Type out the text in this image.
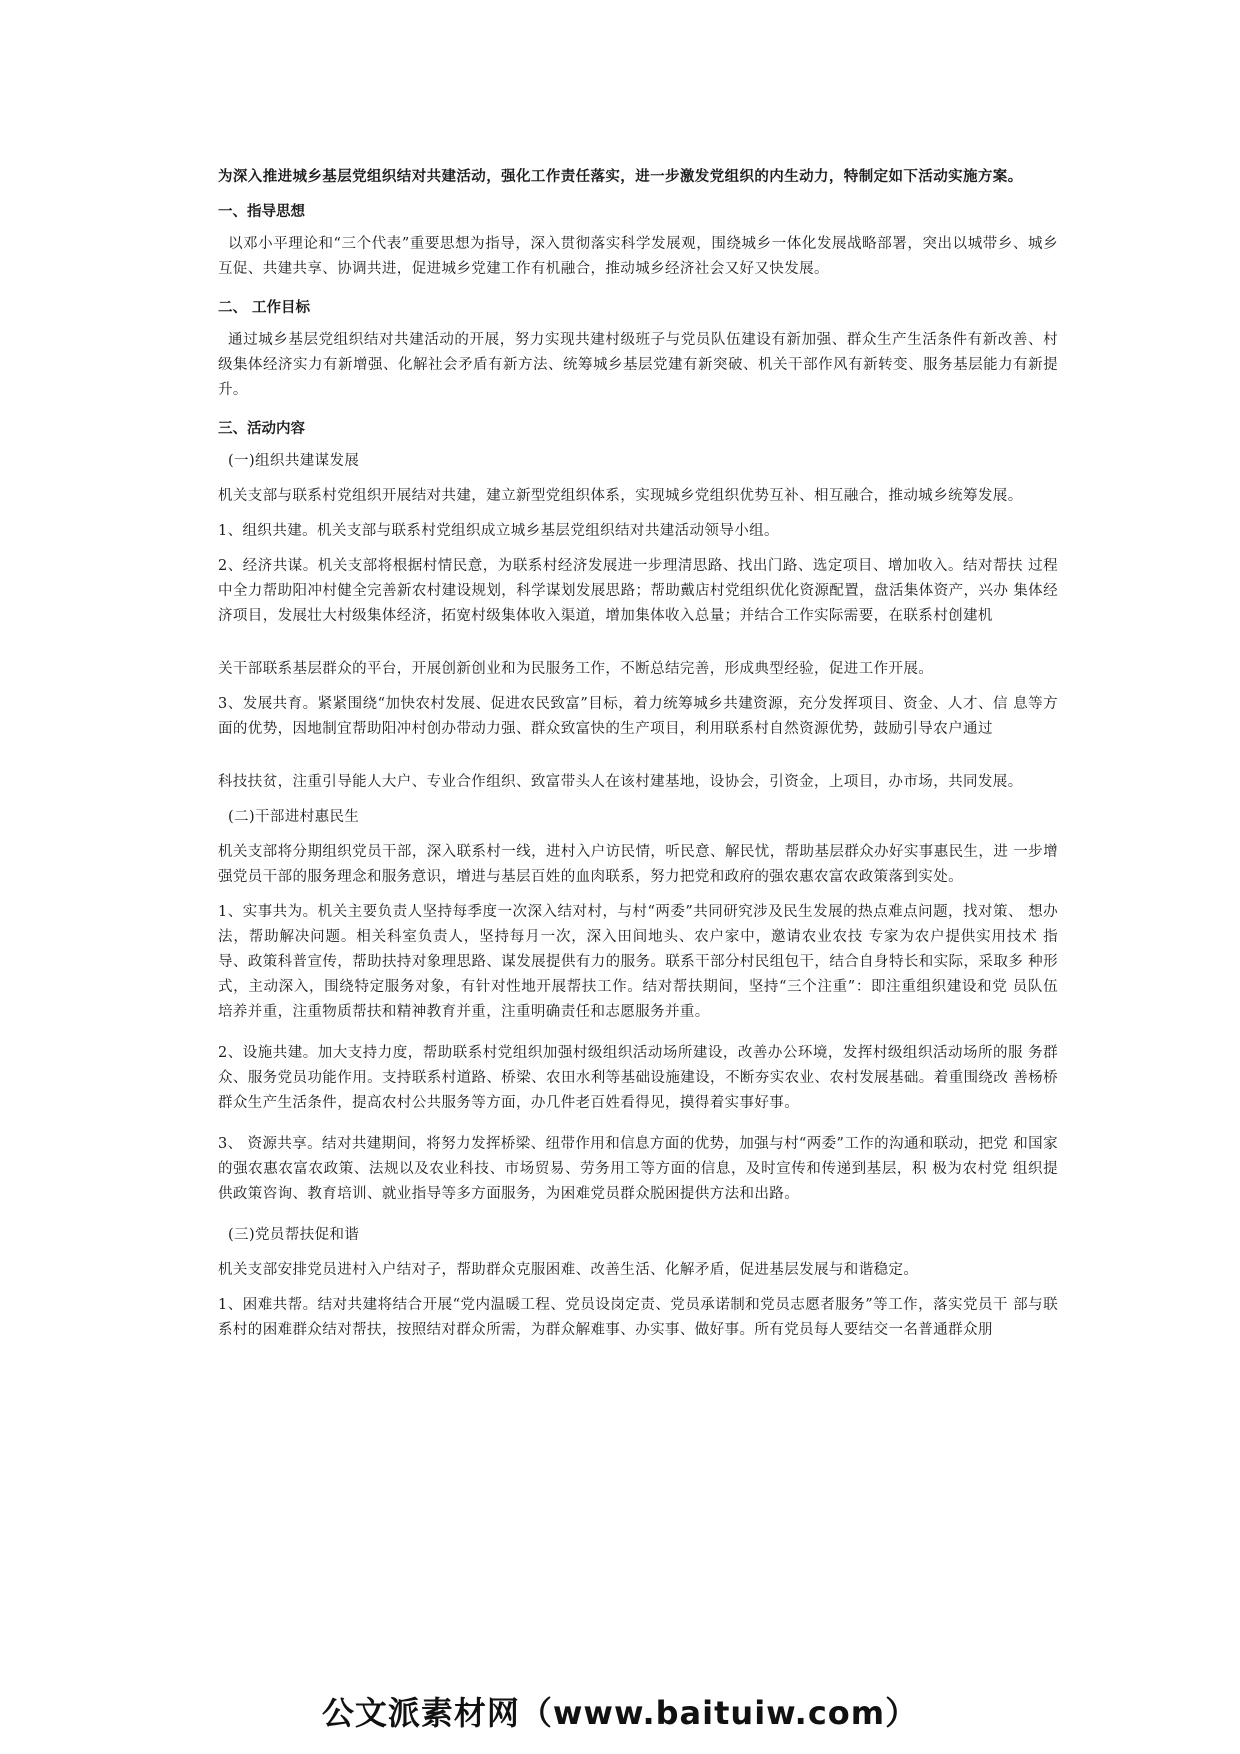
为深入推进城乡基层党组织结对共建活动，强化工作责任落实，进一步激发党组织的内生动力，特制定如下活动实施方案。

一、指导思想

以邓小平理论和“三个代表”重要思想为指导，深入贯彻落实科学发展观，围绕城乡一体化发展战略部署，突出以城带乡、城乡互促、共建共享、协调共进，促进城乡党建工作有机融合，推动城乡经济社会又好又快发展。

二、 工作目标

通过城乡基层党组织结对共建活动的开展，努力实现共建村级班子与党员队伍建设有新加强、群众生产生活条件有新改善、村级集体经济实力有新增强、化解社会矛盾有新方法、统筹城乡基层党建有新突破、机关干部作风有新转变、服务基层能力有新提升。

三、活动内容

(一)组织共建谋发展

机关支部与联系村党组织开展结对共建，建立新型党组织体系，实现城乡党组织优势互补、相互融合，推动城乡统筹发展。

1、组织共建。机关支部与联系村党组织成立城乡基层党组织结对共建活动领导小组。

2、经济共谋。机关支部将根据村情民意，为联系村经济发展进一步理清思路、找出门路、选定项目、增加收入。结对帮扶 过程中全力帮助阳冲村健全完善新农村建设规划，科学谋划发展思路；帮助戴店村党组织优化资源配置，盘活集体资产，兴办 集体经济项目，发展壮大村级集体经济，拓宽村级集体收入渠道，增加集体收入总量；并结合工作实际需要，在联系村创建机

关干部联系基层群众的平台，开展创新创业和为民服务工作，不断总结完善，形成典型经验，促进工作开展。

3、发展共育。紧紧围绕“加快农村发展、促进农民致富”目标，着力统筹城乡共建资源，充分发挥项目、资金、人才、信 息等方面的优势，因地制宜帮助阳冲村创办带动力强、群众致富快的生产项目，利用联系村自然资源优势，鼓励引导农户通过

科技扶贫，注重引导能人大户、专业合作组织、致富带头人在该村建基地，设协会，引资金，上项目，办市场，共同发展。

(二)干部进村惠民生

机关支部将分期组织党员干部，深入联系村一线，进村入户访民情，听民意、解民忧，帮助基层群众办好实事惠民生，进 一步增强党员干部的服务理念和服务意识，增进与基层百姓的血肉联系，努力把党和政府的强农惠农富农政策落到实处。

1、实事共为。机关主要负责人坚持每季度一次深入结对村，与村“两委”共同研究涉及民生发展的热点难点问题，找对策、 想办法，帮助解决问题。相关科室负责人，坚持每月一次，深入田间地头、农户家中，邀请农业农技 专家为农户提供实用技术 指导、政策科普宣传，帮助扶持对象理思路、谋发展提供有力的服务。联系干部分村民组包干，结合自身特长和实际，采取多 种形式，主动深入，围绕特定服务对象，有针对性地开展帮扶工作。结对帮扶期间，坚持“三个注重”：即注重组织建设和党 员队伍培养并重，注重物质帮扶和精神教育并重，注重明确责任和志愿服务并重。

2、设施共建。加大支持力度，帮助联系村党组织加强村级组织活动场所建设，改善办公环境，发挥村级组织活动场所的服 务群众、服务党员功能作用。支持联系村道路、桥梁、农田水利等基础设施建设，不断夯实农业、农村发展基础。着重围绕改 善杨桥群众生产生活条件，提高农村公共服务等方面，办几件老百姓看得见，摸得着实事好事。

3、 资源共享。结对共建期间，将努力发挥桥梁、纽带作用和信息方面的优势，加强与村“两委”工作的沟通和联动，把党 和国家的强农惠农富农政策、法规以及农业科技、市场贸易、劳务用工等方面的信息，及时宣传和传递到基层，积 极为农村党 组织提供政策咨询、教育培训、就业指导等多方面服务，为困难党员群众脱困提供方法和出路。

(三)党员帮扶促和谐

机关支部安排党员进村入户结对子，帮助群众克服困难、改善生活、化解矛盾，促进基层发展与和谐稳定。

1、困难共帮。结对共建将结合开展“党内温暖工程、党员设岗定责、党员承诺制和党员志愿者服务”等工作，落实党员干 部与联系村的困难群众结对帮扶，按照结对群众所需，为群众解难事、办实事、做好事。所有党员每人要结交一名普通群众朋

公文派素材网（www.baituiw.com）
